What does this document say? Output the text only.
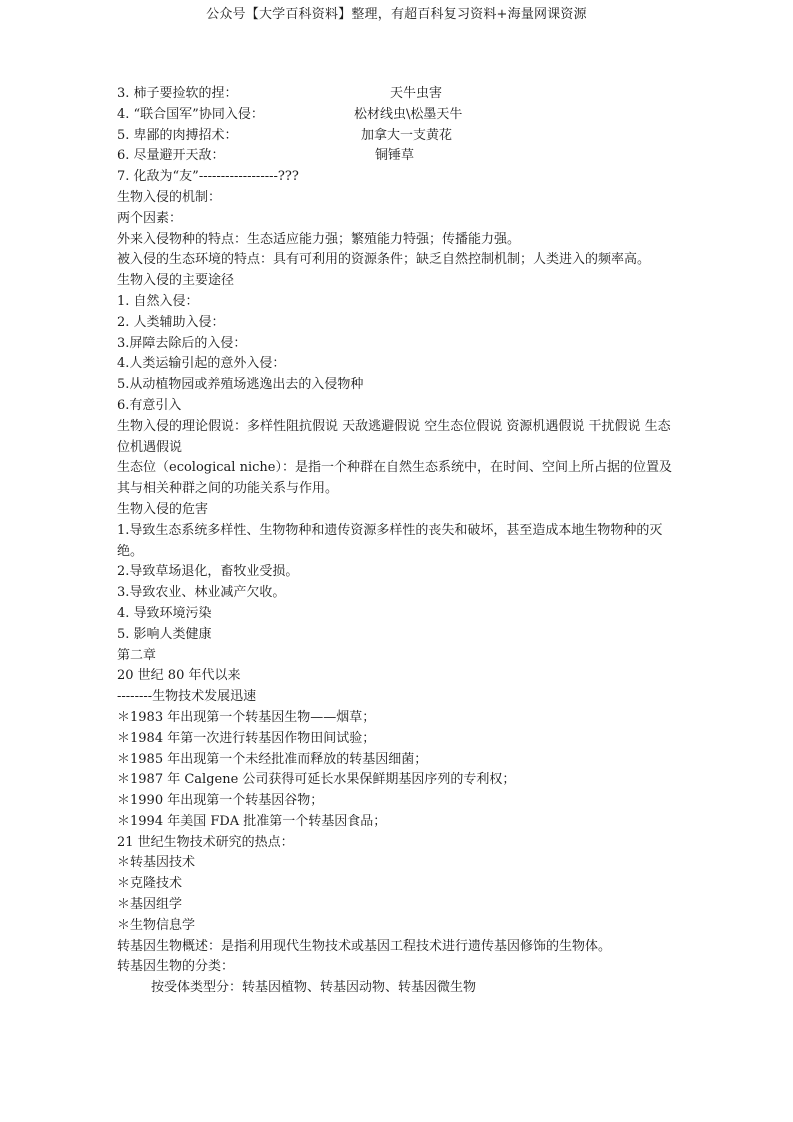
公众号【大学百科资料】整理，有超百科复习资料+海量网课资源
3. 柿子要捡软的捏：	天牛虫害
4. “联合国军”协同入侵：	松材线虫\松墨天牛
5. 卑鄙的肉搏招术：	加拿大一支黄花
6. 尽量避开天敌：	铜锤草
7. 化敌为“友”------------------???
生物入侵的机制：
两个因素：
外来入侵物种的特点：生态适应能力强；繁殖能力特强；传播能力强。
被入侵的生态环境的特点：具有可利用的资源条件；缺乏自然控制机制；人类进入的频率高。
生物入侵的主要途径
1. 自然入侵：
2. 人类辅助入侵：
3.屏障去除后的入侵：
4.人类运输引起的意外入侵：
5.从动植物园或养殖场逃逸出去的入侵物种
6.有意引入
生物入侵的理论假说：多样性阻抗假说 天敌逃避假说 空生态位假说 资源机遇假说 干扰假说 生态位机遇假说
生态位（ecological niche）：是指一个种群在自然生态系统中，在时间、空间上所占据的位置及其与相关种群之间的功能关系与作用。
生物入侵的危害
1.导致生态系统多样性、生物物种和遗传资源多样性的丧失和破坏，甚至造成本地生物物种的灭绝。
2.导致草场退化，畜牧业受损。
3.导致农业、林业减产欠收。
4. 导致环境污染
5. 影响人类健康
第二章
20 世纪 80 年代以来
--------生物技术发展迅速
＊1983 年出现第一个转基因生物——烟草；
＊1984 年第一次进行转基因作物田间试验；
＊1985 年出现第一个未经批准而释放的转基因细菌；
＊1987 年 Calgene 公司获得可延长水果保鲜期基因序列的专利权；
＊1990 年出现第一个转基因谷物；
＊1994 年美国 FDA 批准第一个转基因食品；
21 世纪生物技术研究的热点：
＊转基因技术
＊克隆技术
＊基因组学
＊生物信息学
转基因生物概述：是指利用现代生物技术或基因工程技术进行遗传基因修饰的生物体。
转基因生物的分类：
按受体类型分：转基因植物、转基因动物、转基因微生物
